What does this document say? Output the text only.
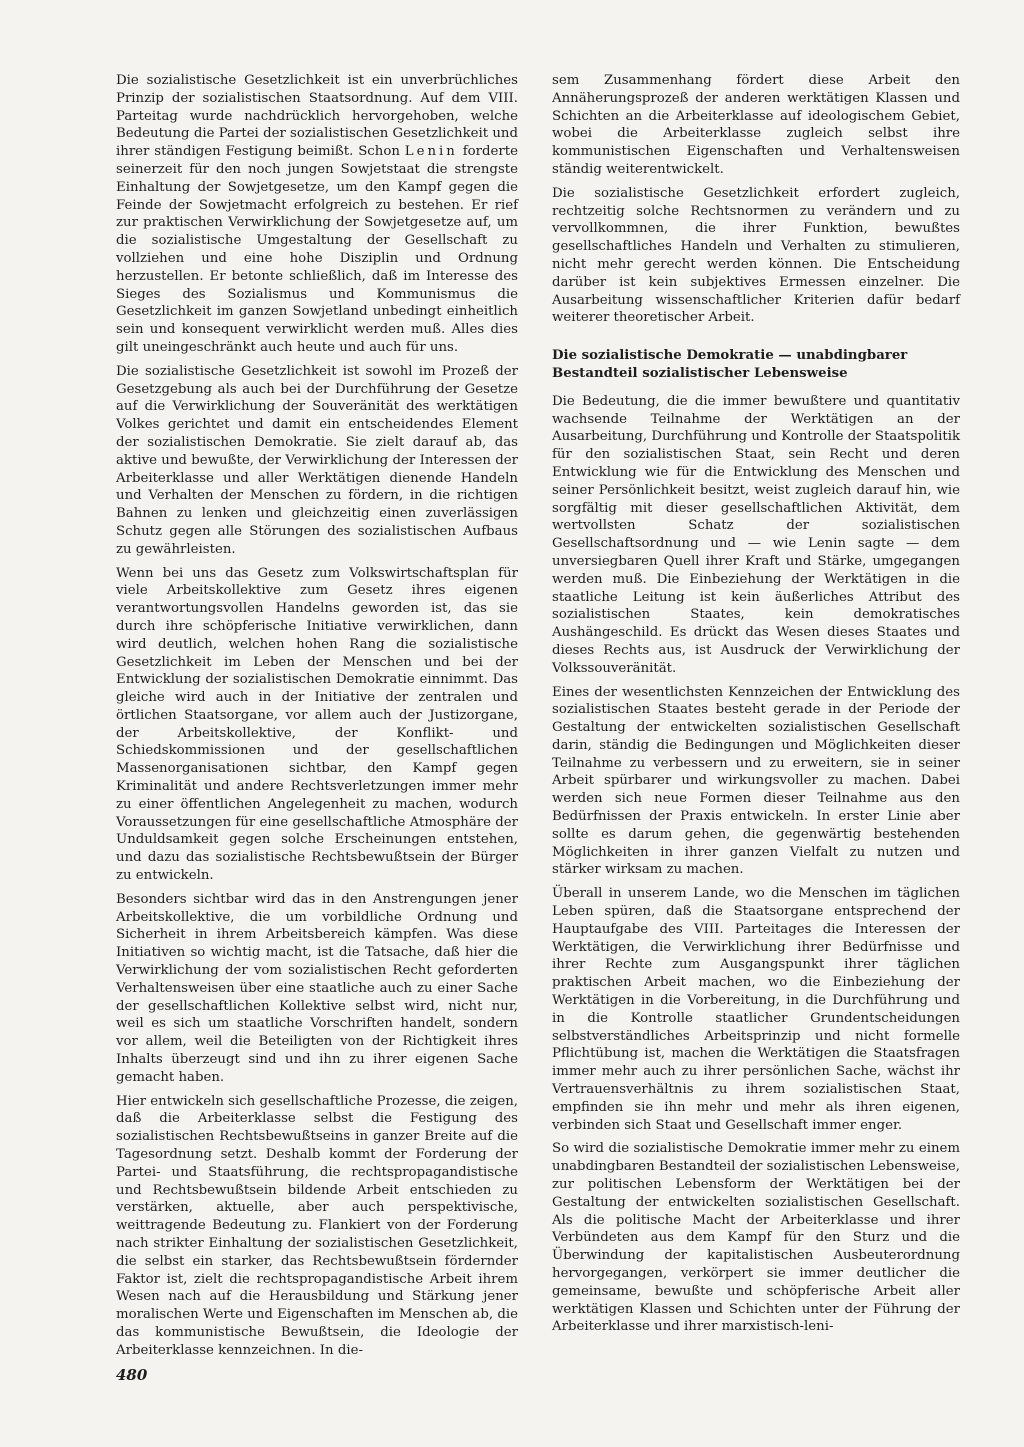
Die sozialistische Gesetzlichkeit ist ein unverbrüchliches Prinzip der sozialistischen Staatsordnung. Auf dem VIII. Parteitag wurde nachdrücklich hervorgehoben, welche Bedeutung die Partei der sozialistischen Gesetzlichkeit und ihrer ständigen Festigung beimißt. Schon Lenin forderte seinerzeit für den noch jungen Sowjetstaat die strengste Einhaltung der Sowjetgesetze, um den Kampf gegen die Feinde der Sowjetmacht erfolgreich zu bestehen. Er rief zur praktischen Verwirklichung der Sowjetgesetze auf, um die sozialistische Umgestaltung der Gesellschaft zu vollziehen und eine hohe Disziplin und Ordnung herzustellen. Er betonte schließlich, daß im Interesse des Sieges des Sozialismus und Kommunismus die Gesetzlichkeit im ganzen Sowjetland unbedingt einheitlich sein und konsequent verwirklicht werden muß. Alles dies gilt uneingeschränkt auch heute und auch für uns.

Die sozialistische Gesetzlichkeit ist sowohl im Prozeß der Gesetzgebung als auch bei der Durchführung der Gesetze auf die Verwirklichung der Souveränität des werktätigen Volkes gerichtet und damit ein entscheidendes Element der sozialistischen Demokratie. Sie zielt darauf ab, das aktive und bewußte, der Verwirklichung der Interessen der Arbeiterklasse und aller Werktätigen dienende Handeln und Verhalten der Menschen zu fördern, in die richtigen Bahnen zu lenken und gleichzeitig einen zuverlässigen Schutz gegen alle Störungen des sozialistischen Aufbaus zu gewährleisten.

Wenn bei uns das Gesetz zum Volkswirtschaftsplan für viele Arbeitskollektive zum Gesetz ihres eigenen verantwortungsvollen Handelns geworden ist, das sie durch ihre schöpferische Initiative verwirklichen, dann wird deutlich, welchen hohen Rang die sozialistische Gesetzlichkeit im Leben der Menschen und bei der Entwicklung der sozialistischen Demokratie einnimmt. Das gleiche wird auch in der Initiative der zentralen und örtlichen Staatsorgane, vor allem auch der Justizorgane, der Arbeitskollektive, der Konflikt- und Schiedskommissionen und der gesellschaftlichen Massenorganisationen sichtbar, den Kampf gegen Kriminalität und andere Rechtsverletzungen immer mehr zu einer öffentlichen Angelegenheit zu machen, wodurch Voraussetzungen für eine gesellschaftliche Atmosphäre der Unduldsamkeit gegen solche Erscheinungen entstehen, und dazu das sozialistische Rechtsbewußtsein der Bürger zu entwickeln.

Besonders sichtbar wird das in den Anstrengungen jener Arbeitskollektive, die um vorbildliche Ordnung und Sicherheit in ihrem Arbeitsbereich kämpfen. Was diese Initiativen so wichtig macht, ist die Tatsache, daß hier die Verwirklichung der vom sozialistischen Recht geforderten Verhaltensweisen über eine staatliche auch zu einer Sache der gesellschaftlichen Kollektive selbst wird, nicht nur, weil es sich um staatliche Vorschriften handelt, sondern vor allem, weil die Beteiligten von der Richtigkeit ihres Inhalts überzeugt sind und ihn zu ihrer eigenen Sache gemacht haben.

Hier entwickeln sich gesellschaftliche Prozesse, die zeigen, daß die Arbeiterklasse selbst die Festigung des sozialistischen Rechtsbewußtseins in ganzer Breite auf die Tagesordnung setzt. Deshalb kommt der Forderung der Partei- und Staatsführung, die rechtspropagandistische und Rechtsbewußtsein bildende Arbeit entschieden zu verstärken, aktuelle, aber auch perspektivische, weittragende Bedeutung zu. Flankiert von der Forderung nach strikter Einhaltung der sozialistischen Gesetzlichkeit, die selbst ein starker, das Rechtsbewußtsein fördernder Faktor ist, zielt die rechtspropagandistische Arbeit ihrem Wesen nach auf die Herausbildung und Stärkung jener moralischen Werte und Eigenschaften im Menschen ab, die das kommunistische Bewußtsein, die Ideologie der Arbeiterklasse kennzeichnen. In die-

sem Zusammenhang fördert diese Arbeit den Annäherungsprozeß der anderen werktätigen Klassen und Schichten an die Arbeiterklasse auf ideologischem Gebiet, wobei die Arbeiterklasse zugleich selbst ihre kommunistischen Eigenschaften und Verhaltensweisen ständig weiterentwickelt.

Die sozialistische Gesetzlichkeit erfordert zugleich, rechtzeitig solche Rechtsnormen zu verändern und zu vervollkommnen, die ihrer Funktion, bewußtes gesellschaftliches Handeln und Verhalten zu stimulieren, nicht mehr gerecht werden können. Die Entscheidung darüber ist kein subjektives Ermessen einzelner. Die Ausarbeitung wissenschaftlicher Kriterien dafür bedarf weiterer theoretischer Arbeit.

Die sozialistische Demokratie — unabdingbarer Bestandteil sozialistischer Lebensweise

Die Bedeutung, die die immer bewußtere und quantitativ wachsende Teilnahme der Werktätigen an der Ausarbeitung, Durchführung und Kontrolle der Staatspolitik für den sozialistischen Staat, sein Recht und deren Entwicklung wie für die Entwicklung des Menschen und seiner Persönlichkeit besitzt, weist zugleich darauf hin, wie sorgfältig mit dieser gesellschaftlichen Aktivität, dem wertvollsten Schatz der sozialistischen Gesellschaftsordnung und — wie Lenin sagte — dem unversiegbaren Quell ihrer Kraft und Stärke, umgegangen werden muß. Die Einbeziehung der Werktätigen in die staatliche Leitung ist kein äußerliches Attribut des sozialistischen Staates, kein demokratisches Aushängeschild. Es drückt das Wesen dieses Staates und dieses Rechts aus, ist Ausdruck der Verwirklichung der Volkssouveränität.

Eines der wesentlichsten Kennzeichen der Entwicklung des sozialistischen Staates besteht gerade in der Periode der Gestaltung der entwickelten sozialistischen Gesellschaft darin, ständig die Bedingungen und Möglichkeiten dieser Teilnahme zu verbessern und zu erweitern, sie in seiner Arbeit spürbarer und wirkungsvoller zu machen. Dabei werden sich neue Formen dieser Teilnahme aus den Bedürfnissen der Praxis entwickeln. In erster Linie aber sollte es darum gehen, die gegenwärtig bestehenden Möglichkeiten in ihrer ganzen Vielfalt zu nutzen und stärker wirksam zu machen.

Überall in unserem Lande, wo die Menschen im täglichen Leben spüren, daß die Staatsorgane entsprechend der Hauptaufgabe des VIII. Parteitages die Interessen der Werktätigen, die Verwirklichung ihrer Bedürfnisse und ihrer Rechte zum Ausgangspunkt ihrer täglichen praktischen Arbeit machen, wo die Einbeziehung der Werktätigen in die Vorbereitung, in die Durchführung und in die Kontrolle staatlicher Grundentscheidungen selbstverständliches Arbeitsprinzip und nicht formelle Pflichtübung ist, machen die Werktätigen die Staatsfragen immer mehr auch zu ihrer persönlichen Sache, wächst ihr Vertrauensverhältnis zu ihrem sozialistischen Staat, empfinden sie ihn mehr und mehr als ihren eigenen, verbinden sich Staat und Gesellschaft immer enger.

So wird die sozialistische Demokratie immer mehr zu einem unabdingbaren Bestandteil der sozialistischen Lebensweise, zur politischen Lebensform der Werktätigen bei der Gestaltung der entwickelten sozialistischen Gesellschaft. Als die politische Macht der Arbeiterklasse und ihrer Verbündeten aus dem Kampf für den Sturz und die Überwindung der kapitalistischen Ausbeuterordnung hervorgegangen, verkörpert sie immer deutlicher die gemeinsame, bewußte und schöpferische Arbeit aller werktätigen Klassen und Schichten unter der Führung der Arbeiterklasse und ihrer marxistisch-leni-

480
